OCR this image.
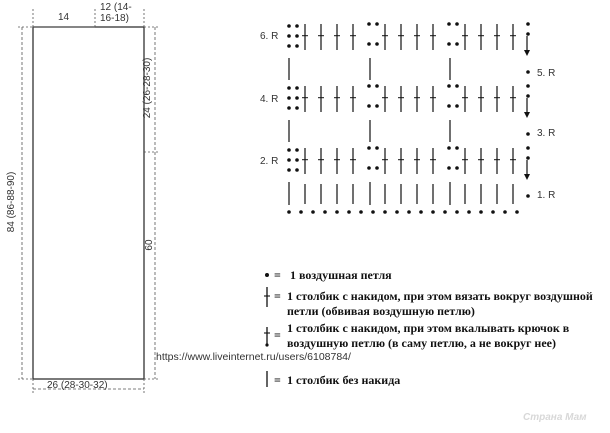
14
12 (14-
16-18)
24 (26-28-30)
60
84 (86-88-90)
26 (28-30-32)
6. R
4. R
2. R
5. R
3. R
1. R
= 1 воздушная петля
= 1 столбик с накидом, при этом вязать вокруг воздушной петли (обвивая воздушную петлю)
= 1 столбик с накидом, при этом вкалывать крючок в воздушную петлю (в саму петлю, а не вокруг нее)
= 1 столбик без накида
https://www.liveinternet.ru/users/6108784/
Страна Мам
